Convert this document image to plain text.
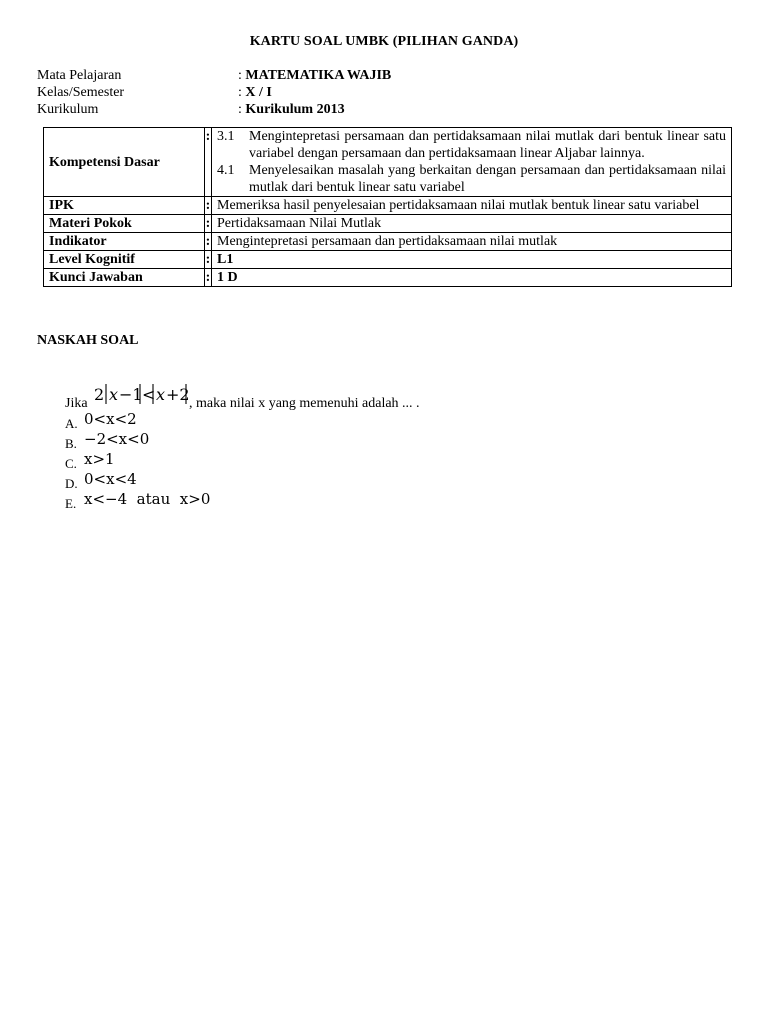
KARTU SOAL UMBK (PILIHAN GANDA)
Mata Pelajaran	: MATEMATIKA WAJIB
Kelas/Semester	: X / I
Kurikulum	: Kurikulum 2013
Kompetensi Dasar	:	3.1 Mengintepretasi persamaan dan pertidaksamaan nilai mutlak dari bentuk linear satu variabel dengan persamaan dan pertidaksamaan linear Aljabar lainnya.
4.1 Menyelesaikan masalah yang berkaitan dengan persamaan dan pertidaksamaan nilai mutlak dari bentuk linear satu variabel

IPK	:	Memeriksa hasil penyelesaian pertidaksamaan nilai mutlak bentuk linear satu variabel
Materi Pokok	:	Pertidaksamaan Nilai Mutlak
Indikator	:	Mengintepretasi persamaan dan pertidaksamaan nilai mutlak
Level Kognitif	:	L1
Kunci Jawaban	:	1 D
NASKAH SOAL
Jika 2 x −1 < x +2 , maka nilai x yang memenuhi adalah ... .
A. 0<x<2
B. −2<x<0
C. x>1
D. 0<x<4
E. x<−4  atau  x>0
